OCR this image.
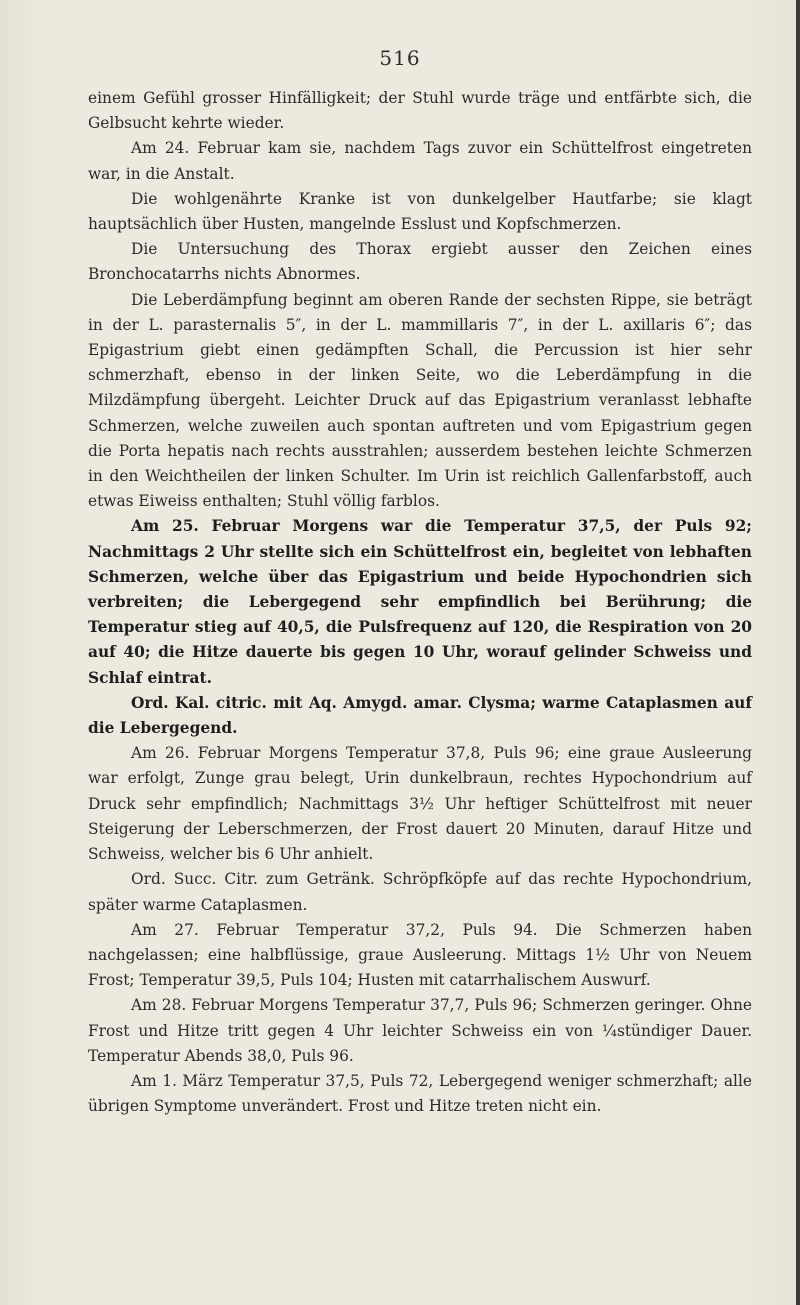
516

einem Gefühl grosser Hinfälligkeit; der Stuhl wurde träge und entfärbte sich, die Gelbsucht kehrte wieder.

Am 24. Februar kam sie, nachdem Tags zuvor ein Schüttelfrost eingetreten war, in die Anstalt.

Die wohlgenährte Kranke ist von dunkelgelber Hautfarbe; sie klagt hauptsächlich über Husten, mangelnde Esslust und Kopfschmerzen.

Die Untersuchung des Thorax ergiebt ausser den Zeichen eines Bronchocatarrhs nichts Abnormes.

Die Leberdämpfung beginnt am oberen Rande der sechsten Rippe, sie beträgt in der L. parasternalis 5″, in der L. mammillaris 7″, in der L. axillaris 6″; das Epigastrium giebt einen gedämpften Schall, die Percussion ist hier sehr schmerzhaft, ebenso in der linken Seite, wo die Leberdämpfung in die Milzdämpfung übergeht. Leichter Druck auf das Epigastrium veranlasst lebhafte Schmerzen, welche zuweilen auch spontan auftreten und vom Epigastrium gegen die Porta hepatis nach rechts ausstrahlen; ausserdem bestehen leichte Schmerzen in den Weichtheilen der linken Schulter. Im Urin ist reichlich Gallenfarbstoff, auch etwas Eiweiss enthalten; Stuhl völlig farblos.

Am 25. Februar Morgens war die Temperatur 37,5, der Puls 92; Nachmittags 2 Uhr stellte sich ein Schüttelfrost ein, begleitet von lebhaften Schmerzen, welche über das Epigastrium und beide Hypochondrien sich verbreiten; die Lebergegend sehr empfindlich bei Berührung; die Temperatur stieg auf 40,5, die Pulsfrequenz auf 120, die Respiration von 20 auf 40; die Hitze dauerte bis gegen 10 Uhr, worauf gelinder Schweiss und Schlaf eintrat.

Ord. Kal. citric. mit Aq. Amygd. amar. Clysma; warme Cataplasmen auf die Lebergegend.

Am 26. Februar Morgens Temperatur 37,8, Puls 96; eine graue Ausleerung war erfolgt, Zunge grau belegt, Urin dunkelbraun, rechtes Hypochondrium auf Druck sehr empfindlich; Nachmittags 3½ Uhr heftiger Schüttelfrost mit neuer Steigerung der Leberschmerzen, der Frost dauert 20 Minuten, darauf Hitze und Schweiss, welcher bis 6 Uhr anhielt.

Ord. Succ. Citr. zum Getränk. Schröpfköpfe auf das rechte Hypochondrium, später warme Cataplasmen.

Am 27. Februar Temperatur 37,2, Puls 94. Die Schmerzen haben nachgelassen; eine halbflüssige, graue Ausleerung. Mittags 1½ Uhr von Neuem Frost; Temperatur 39,5, Puls 104; Husten mit catarrhalischem Auswurf.

Am 28. Februar Morgens Temperatur 37,7, Puls 96; Schmerzen geringer. Ohne Frost und Hitze tritt gegen 4 Uhr leichter Schweiss ein von ¼stündiger Dauer. Temperatur Abends 38,0, Puls 96.

Am 1. März Temperatur 37,5, Puls 72, Lebergegend weniger schmerzhaft; alle übrigen Symptome unverändert. Frost und Hitze treten nicht ein.
